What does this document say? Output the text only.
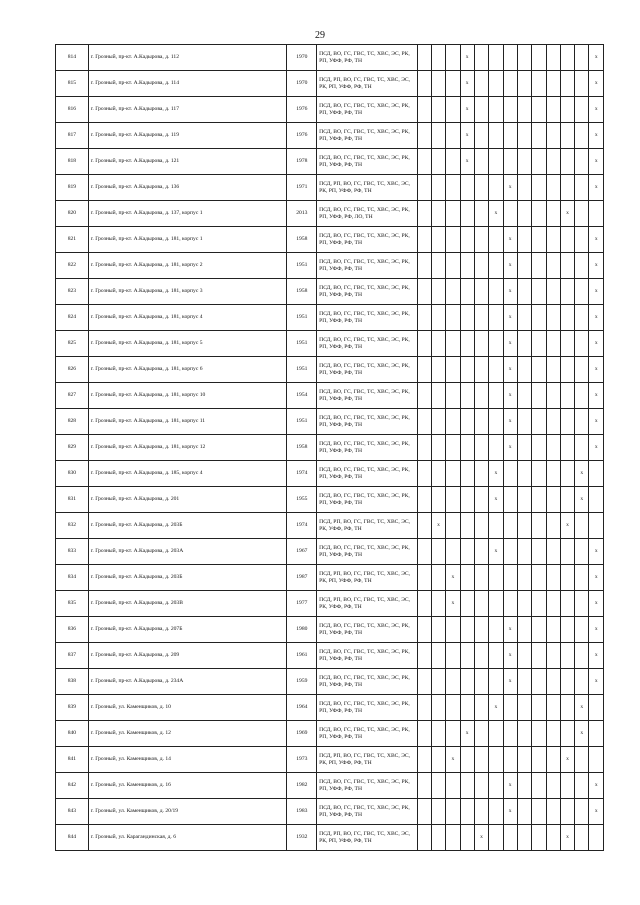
29
814	г. Грозный, пр-кт. А.Кадырова, д. 112	1970	ПСД, ВО, ГС, ГВС, ТС, ХВС, ЭС, РК, РП, УФФ, РФ, ТН				x									x
815	г. Грозный, пр-кт. А.Кадырова, д. 114	1970	ПСД, РП, ВО, ГС, ГВС, ТС, ХВС, ЭС, РК, РП, УФФ, РФ, ТН				x									x
816	г. Грозный, пр-кт. А.Кадырова, д. 117	1976	ПСД, ВО, ГС, ГВС, ТС, ХВС, ЭС, РК, РП, УФФ, РФ, ТН				x									x
817	г. Грозный, пр-кт. А.Кадырова, д. 119	1976	ПСД, ВО, ГС, ГВС, ТС, ХВС, ЭС, РК, РП, УФФ, РФ, ТН				x									x
818	г. Грозный, пр-кт. А.Кадырова, д. 121	1978	ПСД, ВО, ГС, ГВС, ТС, ХВС, ЭС, РК, РП, УФФ, РФ, ТН				x									x
819	г. Грозный, пр-кт. А.Кадырова, д. 136	1971	ПСД, РП, ВО, ГС, ГВС, ТС, ХВС, ЭС, РК, РП, УФФ, РФ, ТН							x						x
820	г. Грозный, пр-кт. А.Кадырова, д. 137, корпус 1	2013	ПСД, ВО, ГС, ГВС, ТС, ХВС, ЭС, РК, РП, УФФ, РФ, ЛО, ТН						x					x		
821	г. Грозный, пр-кт. А.Кадырова, д. 181, корпус 1	1958	ПСД, ВО, ГС, ГВС, ТС, ХВС, ЭС, РК, РП, УФФ, РФ, ТН							x						x
822	г. Грозный, пр-кт. А.Кадырова, д. 181, корпус 2	1951	ПСД, ВО, ГС, ГВС, ТС, ХВС, ЭС, РК, РП, УФФ, РФ, ТН							x						x
823	г. Грозный, пр-кт. А.Кадырова, д. 181, корпус 3	1958	ПСД, ВО, ГС, ГВС, ТС, ХВС, ЭС, РК, РП, УФФ, РФ, ТН							x						x
824	г. Грозный, пр-кт. А.Кадырова, д. 181, корпус 4	1951	ПСД, ВО, ГС, ГВС, ТС, ХВС, ЭС, РК, РП, УФФ, РФ, ТН							x						x
825	г. Грозный, пр-кт. А.Кадырова, д. 181, корпус 5	1951	ПСД, ВО, ГС, ГВС, ТС, ХВС, ЭС, РК, РП, УФФ, РФ, ТН							x						x
826	г. Грозный, пр-кт. А.Кадырова, д. 181, корпус 6	1951	ПСД, ВО, ГС, ГВС, ТС, ХВС, ЭС, РК, РП, УФФ, РФ, ТН							x						x
827	г. Грозный, пр-кт. А.Кадырова, д. 181, корпус 10	1954	ПСД, ВО, ГС, ГВС, ТС, ХВС, ЭС, РК, РП, УФФ, РФ, ТН							x						x
828	г. Грозный, пр-кт. А.Кадырова, д. 181, корпус 11	1951	ПСД, ВО, ГС, ГВС, ТС, ХВС, ЭС, РК, РП, УФФ, РФ, ТН							x						x
829	г. Грозный, пр-кт. А.Кадырова, д. 181, корпус 12	1958	ПСД, ВО, ГС, ГВС, ТС, ХВС, ЭС, РК, РП, УФФ, РФ, ТН							x						x
830	г. Грозный, пр-кт. А.Кадырова, д. 185, корпус 4	1974	ПСД, ВО, ГС, ГВС, ТС, ХВС, ЭС, РК, РП, УФФ, РФ, ТН						x						x	
831	г. Грозный, пр-кт. А.Кадырова, д. 201	1955	ПСД, ВО, ГС, ГВС, ТС, ХВС, ЭС, РК, РП, УФФ, РФ, ТН						x						x	
832	г. Грозный, пр-кт. А.Кадырова, д. 203Б	1974	ПСД, РП, ВО, ГС, ГВС, ТС, ХВС, ЭС, РК, УФФ, РФ, ТН		x									x		
833	г. Грозный, пр-кт. А.Кадырова, д. 203А	1967	ПСД, ВО, ГС, ГВС, ТС, ХВС, ЭС, РК, РП, УФФ, РФ, ТН						x							x
834	г. Грозный, пр-кт. А.Кадырова, д. 203Б	1987	ПСД, РП, ВО, ГС, ГВС, ТС, ХВС, ЭС, РК, РП, УФФ, РФ, ТН			x										x
835	г. Грозный, пр-кт. А.Кадырова, д. 203В	1977	ПСД, РП, ВО, ГС, ГВС, ТС, ХВС, ЭС, РК, УФФ, РФ, ТН			x										x
836	г. Грозный, пр-кт. А.Кадырова, д. 207Б	1980	ПСД, ВО, ГС, ГВС, ТС, ХВС, ЭС, РК, РП, УФФ, РФ, ТН							x						x
837	г. Грозный, пр-кт. А.Кадырова, д. 209	1961	ПСД, ВО, ГС, ГВС, ТС, ХВС, ЭС, РК, РП, УФФ, РФ, ТН							x						x
838	г. Грозный, пр-кт. А.Кадырова, д. 234А	1959	ПСД, ВО, ГС, ГВС, ТС, ХВС, ЭС, РК, РП, УФФ, РФ, ТН							x						x
839	г. Грозный, ул. Каменщиков, д. 10	1964	ПСД, ВО, ГС, ГВС, ТС, ХВС, ЭС, РК, РП, УФФ, РФ, ТН						x						x	
840	г. Грозный, ул. Каменщиков, д. 12	1969	ПСД, ВО, ГС, ГВС, ТС, ХВС, ЭС, РК, РП, УФФ, РФ, ТН				x								x	
841	г. Грозный, ул. Каменщиков, д. 14	1973	ПСД, РП, ВО, ГС, ГВС, ТС, ХВС, ЭС, РК, РП, УФФ, РФ, ТН			x								x		
842	г. Грозный, ул. Каменщиков, д. 16	1982	ПСД, ВО, ГС, ГВС, ТС, ХВС, ЭС, РК, РП, УФФ, РФ, ТН							x						x
843	г. Грозный, ул. Каменщиков, д. 20/19	1983	ПСД, ВО, ГС, ГВС, ТС, ХВС, ЭС, РК, РП, УФФ, РФ, ТН							x						x
844	г. Грозный, ул. Карагандинская, д. 6	1932	ПСД, РП, ВО, ГС, ГВС, ТС, ХВС, ЭС, РК, РП, УФФ, РФ, ТН					x						x		
